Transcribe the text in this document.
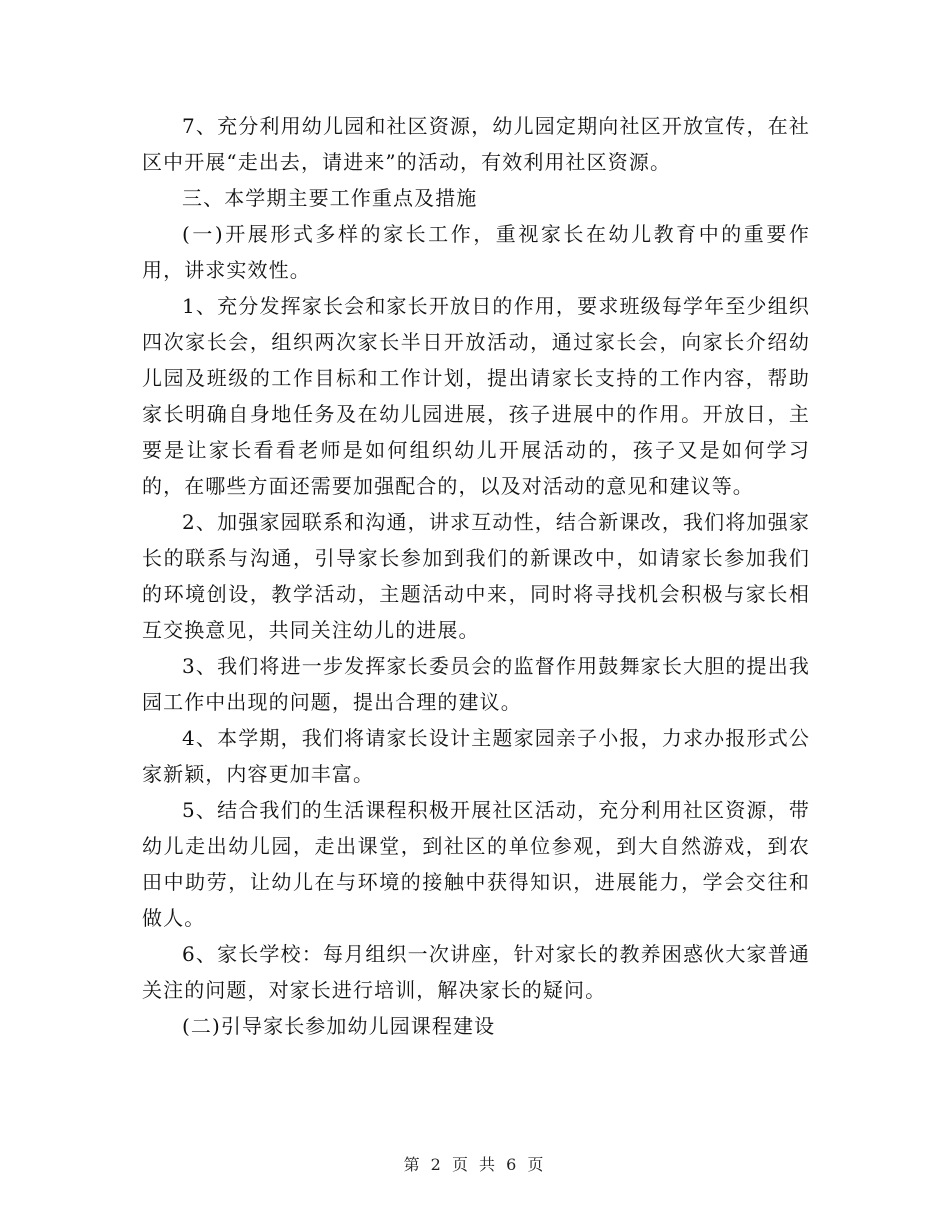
7、充分利用幼儿园和社区资源，幼儿园定期向社区开放宣传，在社区中开展“走出去，请进来”的活动，有效利用社区资源。

三、本学期主要工作重点及措施

(一)开展形式多样的家长工作，重视家长在幼儿教育中的重要作用，讲求实效性。

1、充分发挥家长会和家长开放日的作用，要求班级每学年至少组织四次家长会，组织两次家长半日开放活动，通过家长会，向家长介绍幼儿园及班级的工作目标和工作计划，提出请家长支持的工作内容，帮助家长明确自身地任务及在幼儿园进展，孩子进展中的作用。开放日，主要是让家长看看老师是如何组织幼儿开展活动的，孩子又是如何学习的，在哪些方面还需要加强配合的，以及对活动的意见和建议等。

2、加强家园联系和沟通，讲求互动性，结合新课改，我们将加强家长的联系与沟通，引导家长参加到我们的新课改中，如请家长参加我们的环境创设，教学活动，主题活动中来，同时将寻找机会积极与家长相互交换意见，共同关注幼儿的进展。

3、我们将进一步发挥家长委员会的监督作用鼓舞家长大胆的提出我园工作中出现的问题，提出合理的建议。

4、本学期，我们将请家长设计主题家园亲子小报，力求办报形式公家新颖，内容更加丰富。

5、结合我们的生活课程积极开展社区活动，充分利用社区资源，带幼儿走出幼儿园，走出课堂，到社区的单位参观，到大自然游戏，到农田中助劳，让幼儿在与环境的接触中获得知识，进展能力，学会交往和做人。

6、家长学校：每月组织一次讲座，针对家长的教养困惑伙大家普通关注的问题，对家长进行培训，解决家长的疑问。

(二)引导家长参加幼儿园课程建设

第 2 页 共 6 页
